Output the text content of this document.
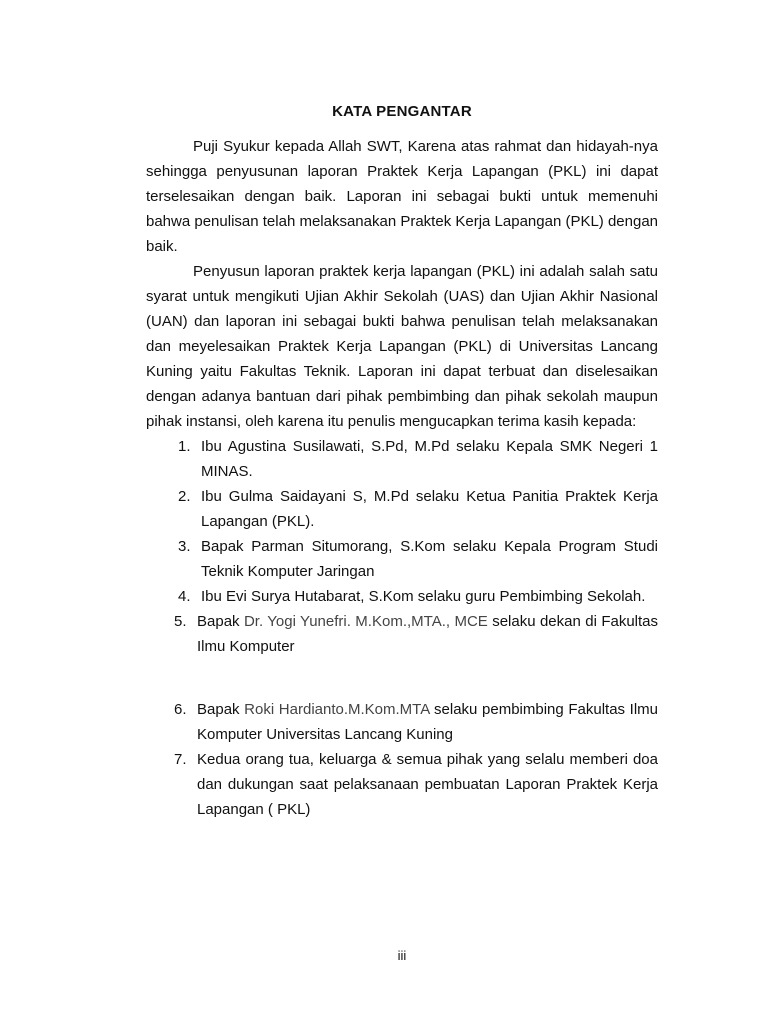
KATA PENGANTAR

Puji Syukur kepada Allah SWT, Karena atas rahmat dan hidayah-nya sehingga penyusunan laporan Praktek Kerja Lapangan (PKL) ini dapat terselesaikan dengan baik. Laporan ini sebagai bukti untuk memenuhi bahwa penulisan telah melaksanakan Praktek Kerja Lapangan (PKL) dengan baik.

Penyusun laporan praktek kerja lapangan (PKL) ini adalah salah satu syarat untuk mengikuti Ujian Akhir Sekolah (UAS) dan Ujian Akhir Nasional (UAN) dan laporan ini sebagai bukti bahwa penulisan telah melaksanakan dan meyelesaikan Praktek Kerja Lapangan (PKL) di Universitas Lancang Kuning yaitu Fakultas Teknik. Laporan ini dapat terbuat dan diselesaikan dengan adanya bantuan dari pihak pembimbing dan pihak sekolah maupun pihak instansi, oleh karena itu penulis mengucapkan terima kasih kepada:

1. Ibu Agustina Susilawati, S.Pd, M.Pd selaku Kepala SMK Negeri 1 MINAS.
2. Ibu Gulma Saidayani S, M.Pd selaku Ketua Panitia Praktek Kerja Lapangan (PKL).
3. Bapak Parman Situmorang, S.Kom selaku Kepala Program Studi Teknik Komputer Jaringan
4. Ibu Evi Surya Hutabarat, S.Kom selaku guru Pembimbing Sekolah.
5. Bapak Dr. Yogi Yunefri. M.Kom.,MTA., MCE selaku dekan di Fakultas Ilmu Komputer
6. Bapak Roki Hardianto.M.Kom.MTA selaku pembimbing Fakultas Ilmu Komputer Universitas Lancang Kuning
7. Kedua orang tua, keluarga & semua pihak yang selalu memberi doa dan dukungan saat pelaksanaan pembuatan Laporan Praktek Kerja Lapangan ( PKL)
iii
